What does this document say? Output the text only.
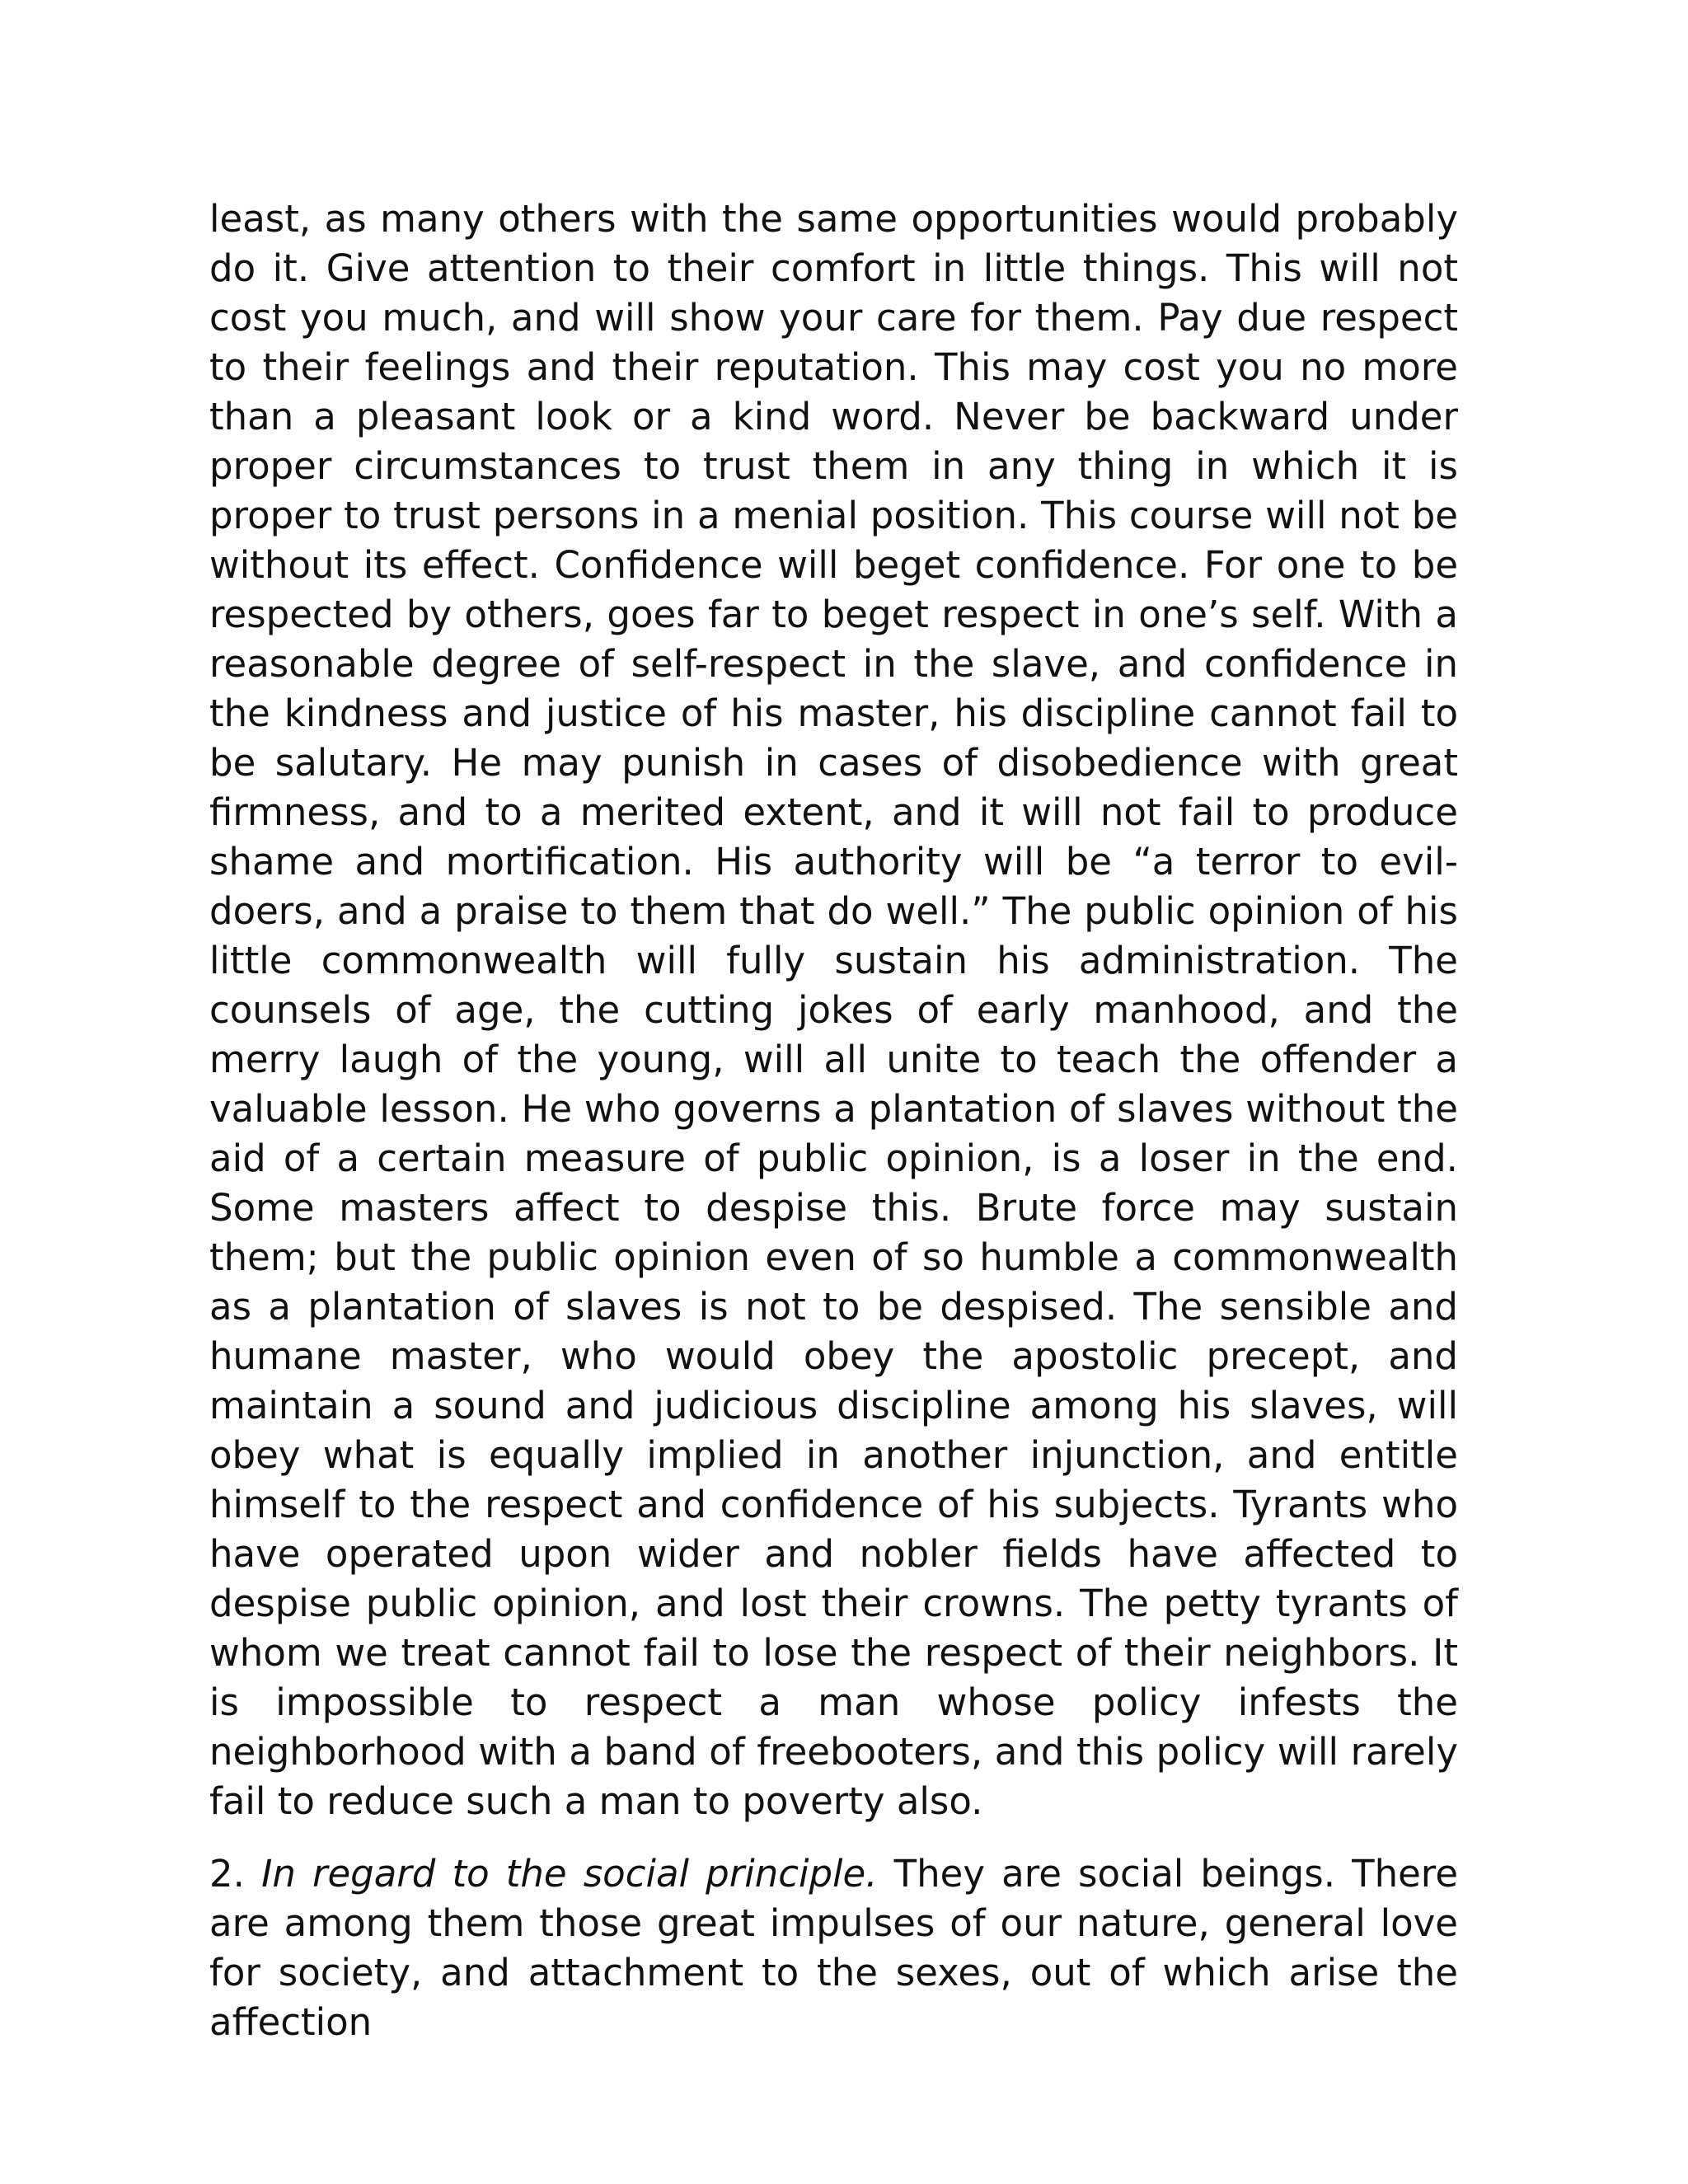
least, as many others with the same opportunities would probably do it. Give attention to their comfort in little things. This will not cost you much, and will show your care for them. Pay due respect to their feelings and their reputation. This may cost you no more than a pleasant look or a kind word. Never be backward under proper circumstances to trust them in any thing in which it is proper to trust persons in a menial position. This course will not be without its effect. Confidence will beget confidence. For one to be respected by others, goes far to beget respect in one’s self. With a reasonable degree of self-respect in the slave, and confidence in the kindness and justice of his master, his discipline cannot fail to be salutary. He may punish in cases of disobedience with great firmness, and to a merited extent, and it will not fail to produce shame and mortification. His authority will be “a terror to evil-doers, and a praise to them that do well.” The public opinion of his little commonwealth will fully sustain his administration. The counsels of age, the cutting jokes of early manhood, and the merry laugh of the young, will all unite to teach the offender a valuable lesson. He who governs a plantation of slaves without the aid of a certain measure of public opinion, is a loser in the end. Some masters affect to despise this. Brute force may sustain them; but the public opinion even of so humble a commonwealth as a plantation of slaves is not to be despised. The sensible and humane master, who would obey the apostolic precept, and maintain a sound and judicious discipline among his slaves, will obey what is equally implied in another injunction, and entitle himself to the respect and confidence of his subjects. Tyrants who have operated upon wider and nobler fields have affected to despise public opinion, and lost their crowns. The petty tyrants of whom we treat cannot fail to lose the respect of their neighbors. It is impossible to respect a man whose policy infests the neighborhood with a band of freebooters, and this policy will rarely fail to reduce such a man to poverty also.

2. In regard to the social principle. They are social beings. There are among them those great impulses of our nature, general love for society, and attachment to the sexes, out of which arise the affection
